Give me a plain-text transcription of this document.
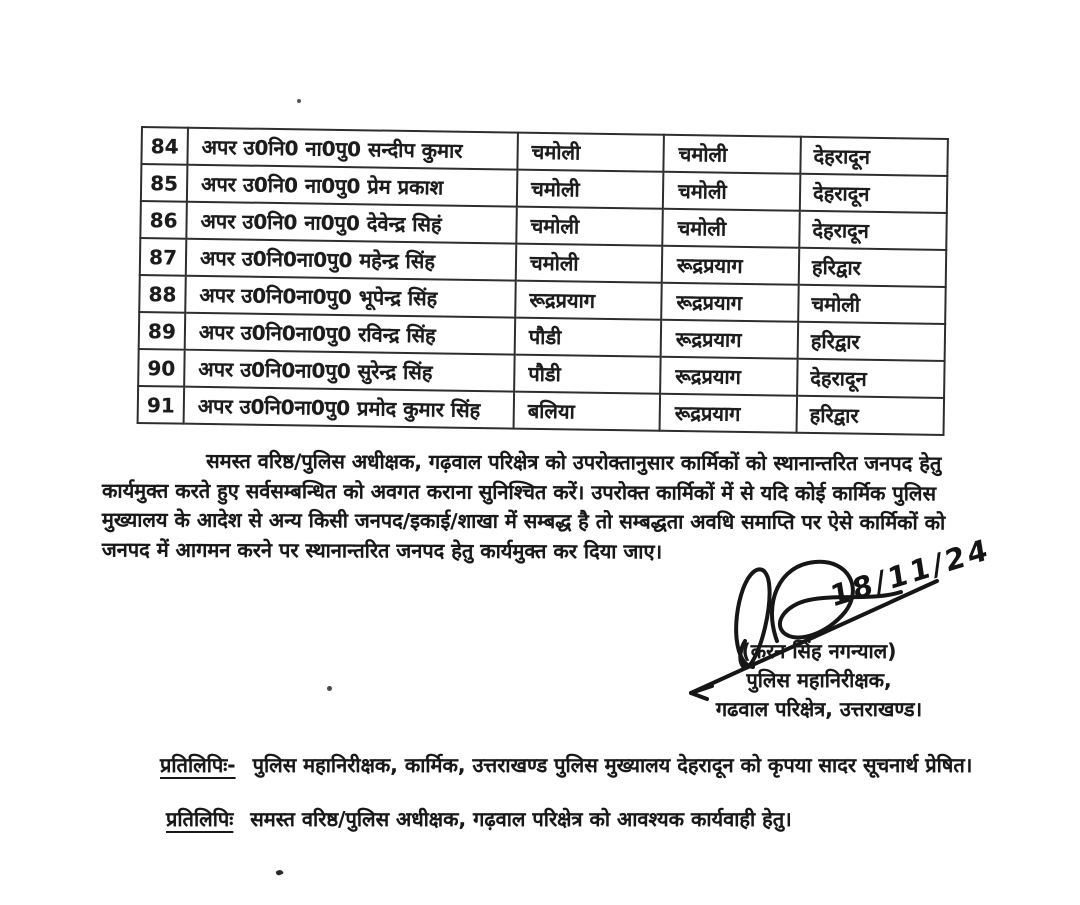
84	अपर उ0नि0 ना0पु0 सन्दीप कुमार	चमोली	चमोली	देहरादून
85	अपर उ0नि0 ना0पु0 प्रेम प्रकाश	चमोली	चमोली	देहरादून
86	अपर उ0नि0 ना0पु0 देवेन्द्र सिहं	चमोली	चमोली	देहरादून
87	अपर उ0नि0ना0पु0 महेन्द्र सिंह	चमोली	रूद्रप्रयाग	हरिद्वार
88	अपर उ0नि0ना0पु0 भूपेन्द्र सिंह	रूद्रप्रयाग	रूद्रप्रयाग	चमोली
89	अपर उ0नि0ना0पु0 रविन्द्र सिंह	पौडी	रूद्रप्रयाग	हरिद्वार
90	अपर उ0नि0ना0पु0 सुरेन्द्र सिंह	पौडी	रूद्रप्रयाग	देहरादून
91	अपर उ0नि0ना0पु0 प्रमोद कुमार सिंह	बलिया	रूद्रप्रयाग	हरिद्वार
समस्त वरिष्ठ/पुलिस अधीक्षक, गढ़वाल परिक्षेत्र को उपरोक्तानुसार कार्मिकों को स्थानान्तरित जनपद हेतु
कार्यमुक्त करते हुए सर्वसम्बन्धित को अवगत कराना सुनिश्चित करें। उपरोक्त कार्मिकों में से यदि कोई कार्मिक पुलिस
मुख्यालय के आदेश से अन्य किसी जनपद/इकाई/शाखा में सम्बद्ध है तो सम्बद्धता अवधि समाप्ति पर ऐसे कार्मिकों को
जनपद में आगमन करने पर स्थानान्तरित जनपद हेतु कार्यमुक्त कर दिया जाए।	18/11/24
(करन सिंह नगन्याल)
पुलिस महानिरीक्षक,
गढवाल परिक्षेत्र, उत्तराखण्ड।
प्रतिलिपिः- पुलिस महानिरीक्षक, कार्मिक, उत्तराखण्ड पुलिस मुख्यालय देहरादून को कृपया सादर सूचनार्थ प्रेषित।
प्रतिलिपिः समस्त वरिष्ठ/पुलिस अधीक्षक, गढ़वाल परिक्षेत्र को आवश्यक कार्यवाही हेतु।
